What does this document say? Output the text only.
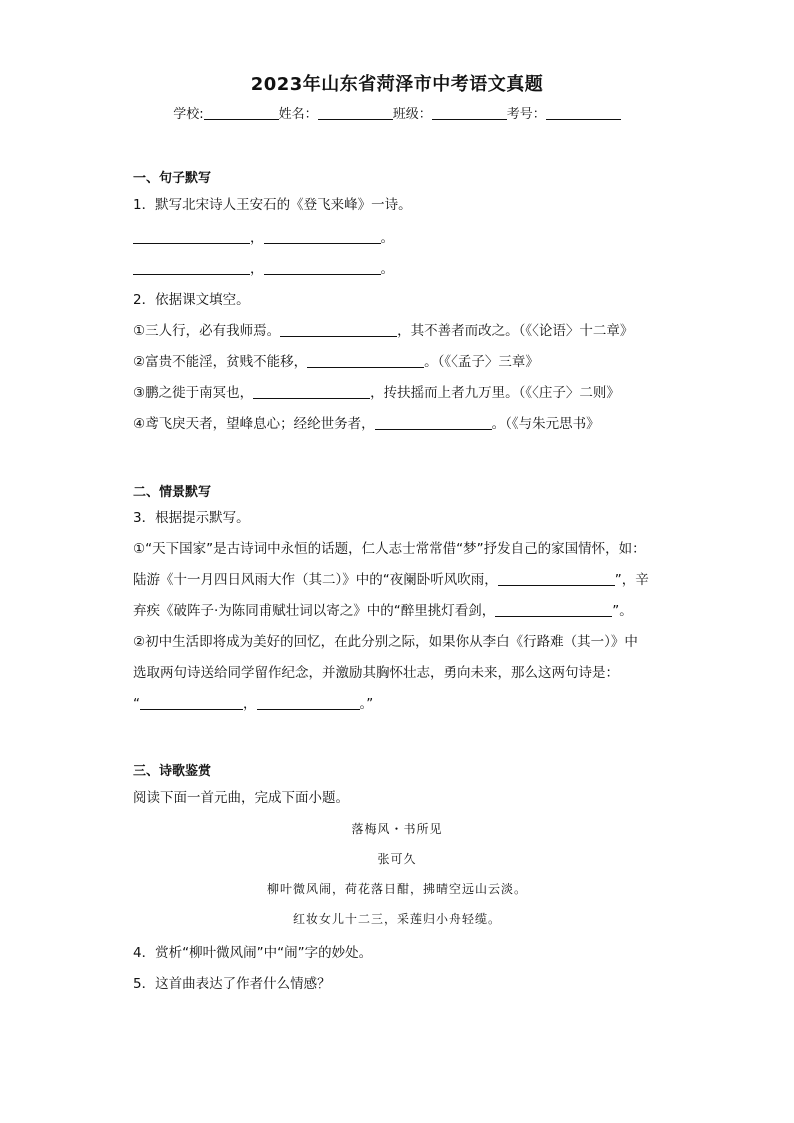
2023年山东省菏泽市中考语文真题
学校:	姓名：	班级：	考号：
一、句子默写
1．默写北宋诗人王安石的《登飞来峰》一诗。
，	。
，	。
2．依据课文填空。
①三人行，必有我师焉。	，其不善者而改之。（《〈论语〉十二章》
②富贵不能淫，贫贱不能移，	。（《〈孟子〉三章》
③鹏之徙于南冥也，	，抟扶摇而上者九万里。（《〈庄子〉二则》
④鸢飞戾天者，望峰息心；经纶世务者，	。（《与朱元思书》
二、情景默写
3．根据提示默写。
①“天下国家”是古诗词中永恒的话题，仁人志士常常借“梦”抒发自己的家国情怀，如：
陆游《十一月四日风雨大作（其二）》中的“夜阑卧听风吹雨，	”，辛
弃疾《破阵子·为陈同甫赋壮词以寄之》中的“醉里挑灯看剑，	”。
②初中生活即将成为美好的回忆，在此分别之际，如果你从李白《行路难（其一）》中
选取两句诗送给同学留作纪念，并激励其胸怀壮志，勇向未来，那么这两句诗是：
“	，	。”
三、诗歌鉴赏
阅读下面一首元曲，完成下面小题。
落梅风・书所见
张可久
柳叶微风闹，荷花落日酣，拂晴空远山云淡。
红妆女儿十二三，采莲归小舟轻缆。
4．赏析“柳叶微风闹”中“闹”字的妙处。
5．这首曲表达了作者什么情感？
